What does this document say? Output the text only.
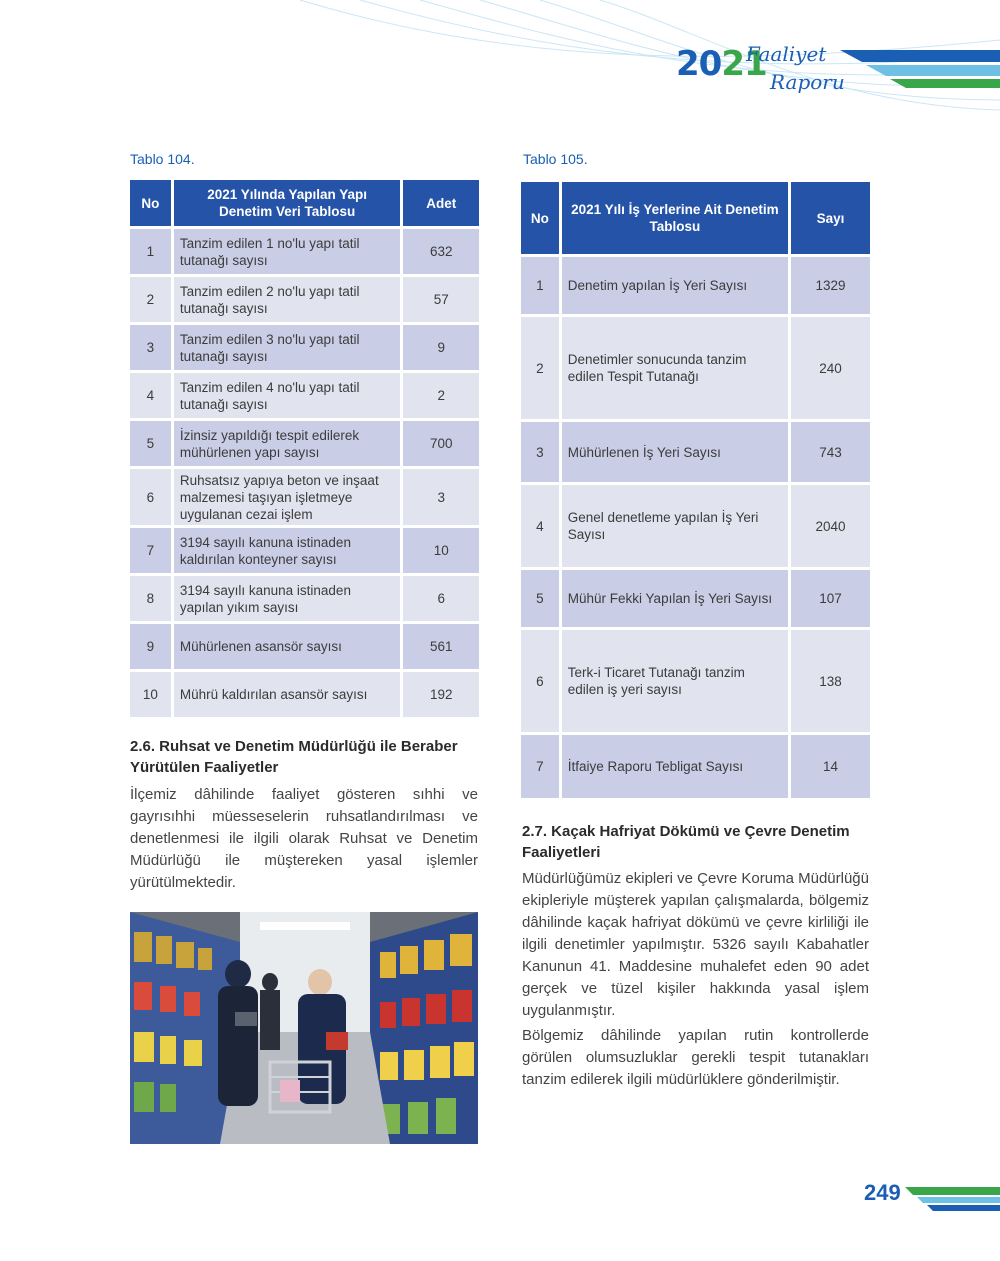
2021
Faaliyet
Raporu
Tablo 104.
No	2021 Yılında Yapılan Yapı Denetim Veri Tablosu	Adet
1	Tanzim edilen 1 no'lu yapı tatil tutanağı sayısı	632
2	Tanzim edilen 2 no'lu yapı tatil tutanağı sayısı	57
3	Tanzim edilen 3 no'lu yapı tatil tutanağı sayısı	9
4	Tanzim edilen 4 no'lu yapı tatil tutanağı sayısı	2
5	İzinsiz yapıldığı tespit edilerek mühürlenen yapı sayısı	700
6	Ruhsatsız yapıya beton ve inşaat malzemesi taşıyan işletmeye uygulanan cezai işlem	3
7	3194 sayılı kanuna istinaden kaldırılan konteyner sayısı	10
8	3194 sayılı kanuna istinaden yapılan yıkım sayısı	6
9	Mühürlenen asansör sayısı	561
10	Mührü kaldırılan asansör sayısı	192
Tablo 105.
No	2021 Yılı İş Yerlerine Ait Denetim Tablosu	Sayı
1	Denetim yapılan İş Yeri Sayısı	1329
2	Denetimler sonucunda tanzim edilen Tespit Tutanağı	240
3	Mühürlenen İş Yeri Sayısı	743
4	Genel denetleme yapılan İş Yeri Sayısı	2040
5	Mühür Fekki Yapılan İş Yeri Sayısı	107
6	Terk-i Ticaret Tutanağı tanzim edilen iş yeri sayısı	138
7	İtfaiye Raporu Tebligat Sayısı	14
2.6. Ruhsat ve Denetim Müdürlüğü ile Beraber Yürütülen Faaliyetler

İlçemiz dâhilinde faaliyet gösteren sıhhi ve gayrısıhhi müesseselerin ruhsatlandırılması ve denetlenmesi ile ilgili olarak Ruhsat ve Denetim Müdürlüğü ile müştereken yasal işlemler yürütülmektedir.

2.7. Kaçak Hafriyat Dökümü ve Çevre Denetim Faaliyetleri

Müdürlüğümüz ekipleri ve Çevre Koruma Müdürlüğü ekipleriyle müşterek yapılan çalışmalarda, bölgemiz dâhilinde kaçak hafriyat dökümü ve çevre kirliliği ile ilgili denetimler yapılmıştır. 5326 sayılı Kabahatler Kanunun 41. Maddesine muhalefet eden 90 adet gerçek ve tüzel kişiler hakkında yasal işlem uygulanmıştır.

Bölgemiz dâhilinde yapılan rutin kontrollerde görülen olumsuzluklar gerekli tespit tutanakları tanzim edilerek ilgili müdürlüklere gönderilmiştir.

249
